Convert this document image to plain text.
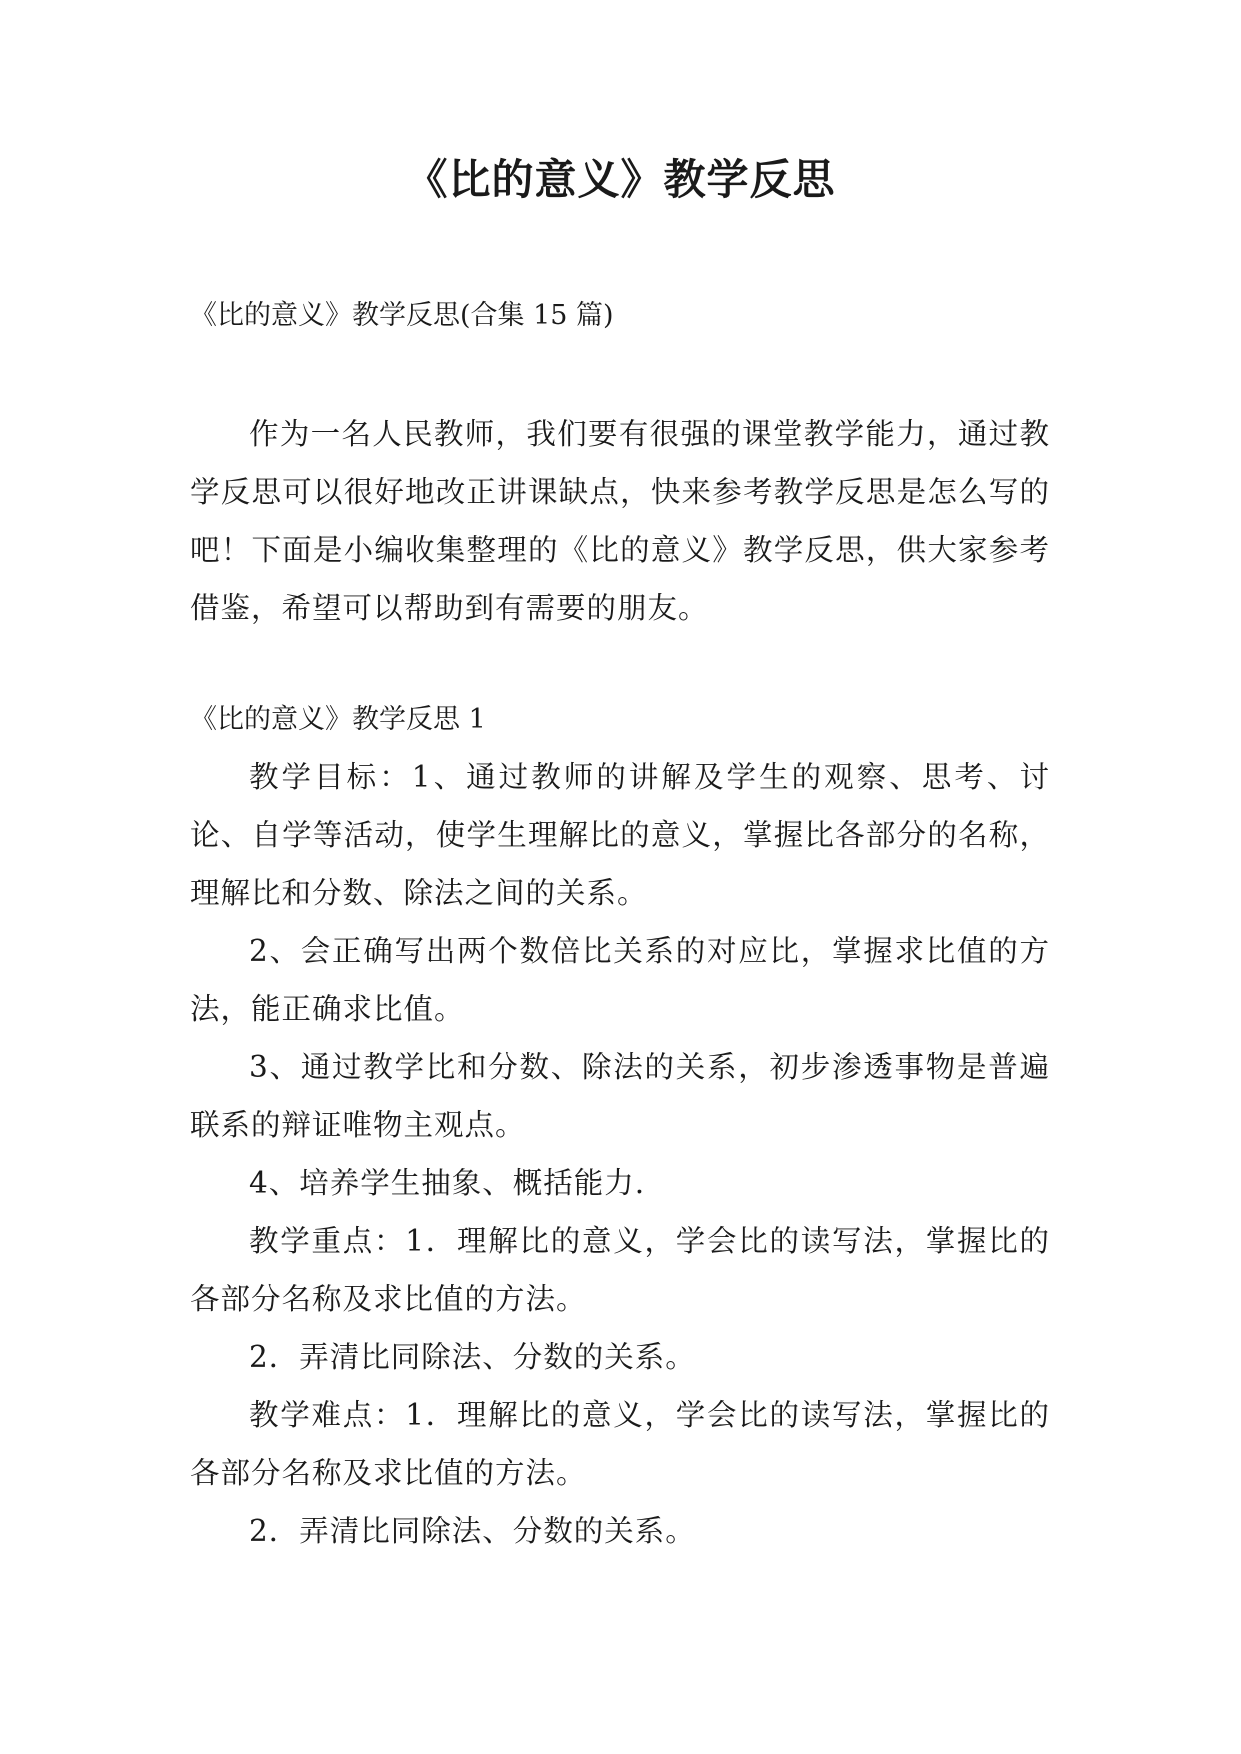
《比的意义》教学反思
《比的意义》教学反思(合集 15 篇)

作为一名人民教师，我们要有很强的课堂教学能力，通过教学反思可以很好地改正讲课缺点，快来参考教学反思是怎么写的吧！下面是小编收集整理的《比的意义》教学反思，供大家参考借鉴，希望可以帮助到有需要的朋友。

《比的意义》教学反思 1

教学目标：1、通过教师的讲解及学生的观察、思考、讨论、自学等活动，使学生理解比的意义，掌握比各部分的名称，理解比和分数、除法之间的关系。

2、会正确写出两个数倍比关系的对应比，掌握求比值的方法，能正确求比值。

3、通过教学比和分数、除法的关系，初步渗透事物是普遍联系的辩证唯物主观点。

4、培养学生抽象、概括能力.

教学重点：1．理解比的意义，学会比的读写法，掌握比的各部分名称及求比值的方法。

2．弄清比同除法、分数的关系。

教学难点：1．理解比的意义，学会比的读写法，掌握比的各部分名称及求比值的方法。

2．弄清比同除法、分数的关系。
